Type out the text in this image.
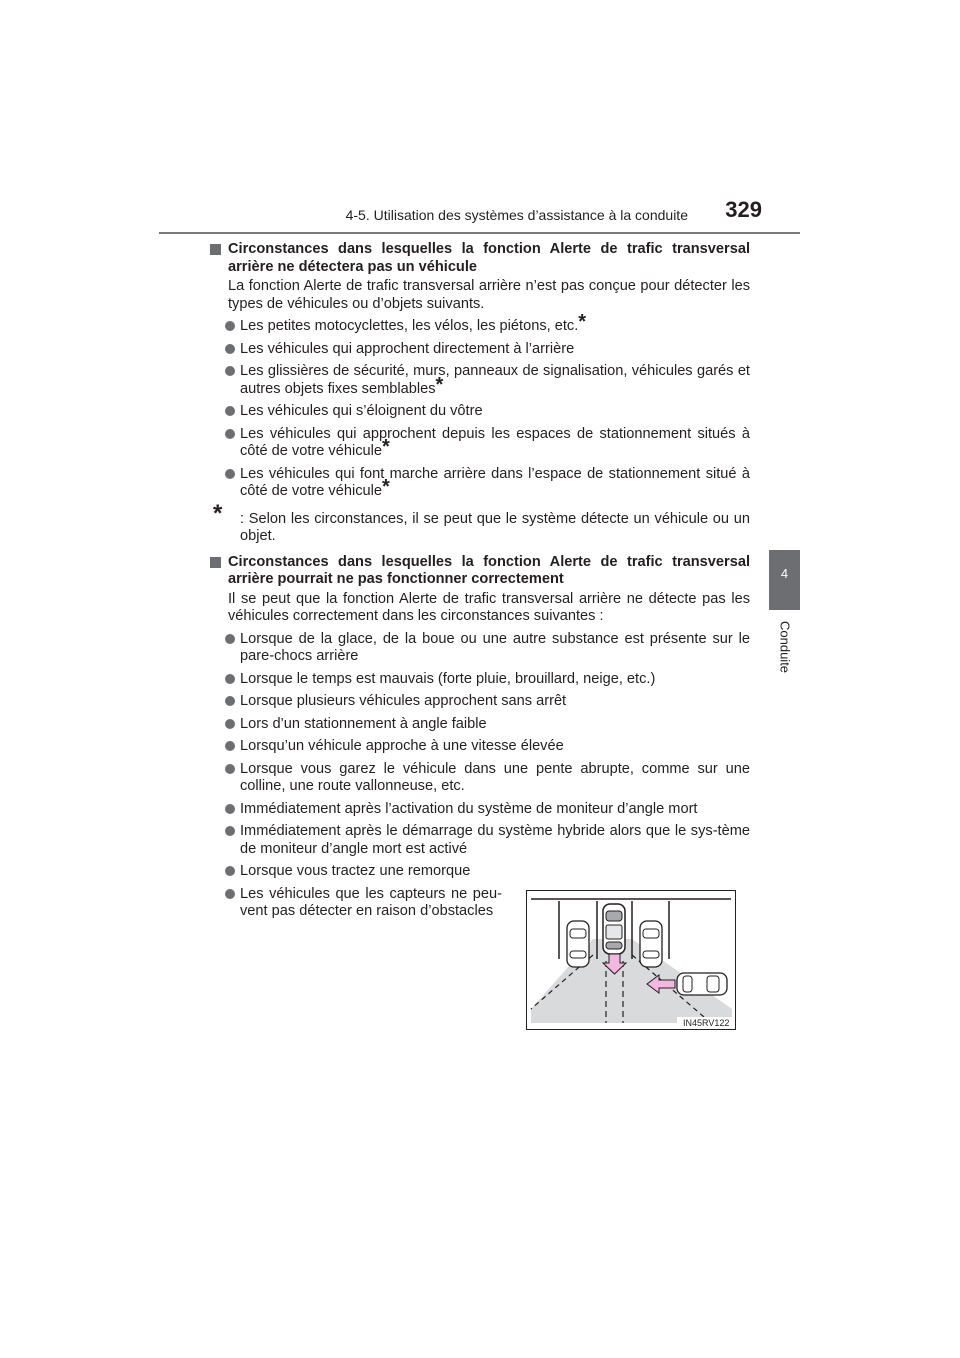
4-5. Utilisation des systèmes d’assistance à la conduite	329
4
Conduite
Circonstances dans lesquelles la fonction Alerte de trafic transversal arrière ne détectera pas un véhicule
La fonction Alerte de trafic transversal arrière n’est pas conçue pour détecter les types de véhicules ou d’objets suivants.
Les petites motocyclettes, les vélos, les piétons, etc.*
Les véhicules qui approchent directement à l’arrière
Les glissières de sécurité, murs, panneaux de signalisation, véhicules garés et autres objets fixes semblables*
Les véhicules qui s’éloignent du vôtre
Les véhicules qui approchent depuis les espaces de stationnement situés à côté de votre véhicule*
Les véhicules qui font marche arrière dans l’espace de stationnement situé à côté de votre véhicule*
* : Selon les circonstances, il se peut que le système détecte un véhicule ou un objet.
Circonstances dans lesquelles la fonction Alerte de trafic transversal arrière pourrait ne pas fonctionner correctement
Il se peut que la fonction Alerte de trafic transversal arrière ne détecte pas les véhicules correctement dans les circonstances suivantes :
Lorsque de la glace, de la boue ou une autre substance est présente sur le pare-chocs arrière
Lorsque le temps est mauvais (forte pluie, brouillard, neige, etc.)
Lorsque plusieurs véhicules approchent sans arrêt
Lors d’un stationnement à angle faible
Lorsqu’un véhicule approche à une vitesse élevée
Lorsque vous garez le véhicule dans une pente abrupte, comme sur une colline, une route vallonneuse, etc.
Immédiatement après l’activation du système de moniteur d’angle mort
Immédiatement après le démarrage du système hybride alors que le sys-tème de moniteur d’angle mort est activé
Lorsque vous tractez une remorque
Les véhicules que les capteurs ne peu-vent pas détecter en raison d’obstacles
IN45RV122
